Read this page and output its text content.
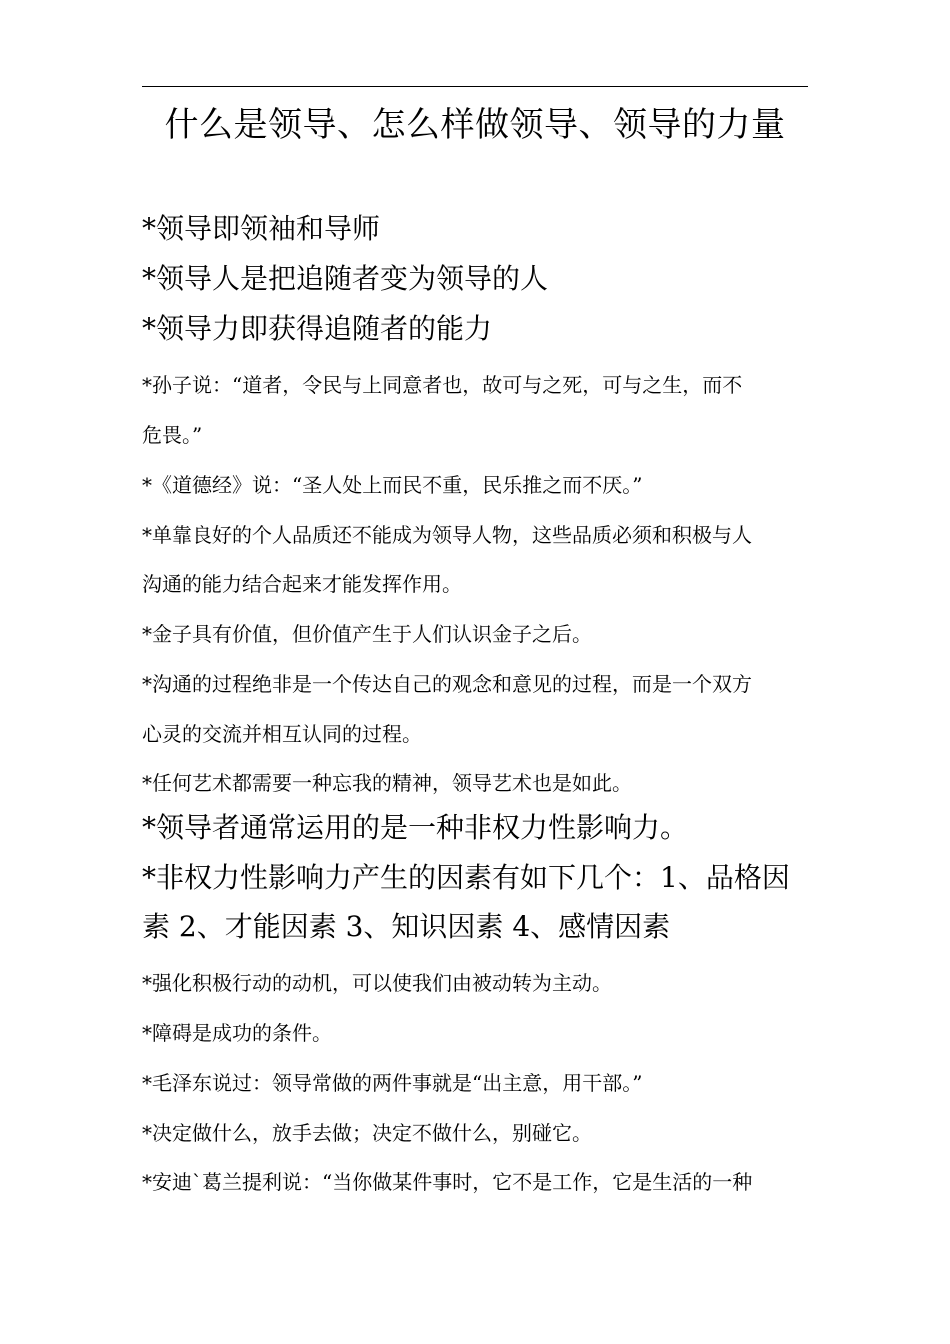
什么是领导、怎么样做领导、领导的力量
*领导即领袖和导师
*领导人是把追随者变为领导的人
*领导力即获得追随者的能力
*孙子说：“道者，令民与上同意者也，故可与之死，可与之生，而不
危畏。”
*《道德经》说：“圣人处上而民不重，民乐推之而不厌。”
*单靠良好的个人品质还不能成为领导人物，这些品质必须和积极与人
沟通的能力结合起来才能发挥作用。
*金子具有价值，但价值产生于人们认识金子之后。
*沟通的过程绝非是一个传达自己的观念和意见的过程，而是一个双方
心灵的交流并相互认同的过程。
*任何艺术都需要一种忘我的精神，领导艺术也是如此。
*领导者通常运用的是一种非权力性影响力。
*非权力性影响力产生的因素有如下几个：1、品格因
素 2、才能因素 3、知识因素 4、感情因素
*强化积极行动的动机，可以使我们由被动转为主动。
*障碍是成功的条件。
*毛泽东说过：领导常做的两件事就是“出主意，用干部。”
*决定做什么，放手去做；决定不做什么，别碰它。
*安迪`葛兰提利说：“当你做某件事时，它不是工作，它是生活的一种
